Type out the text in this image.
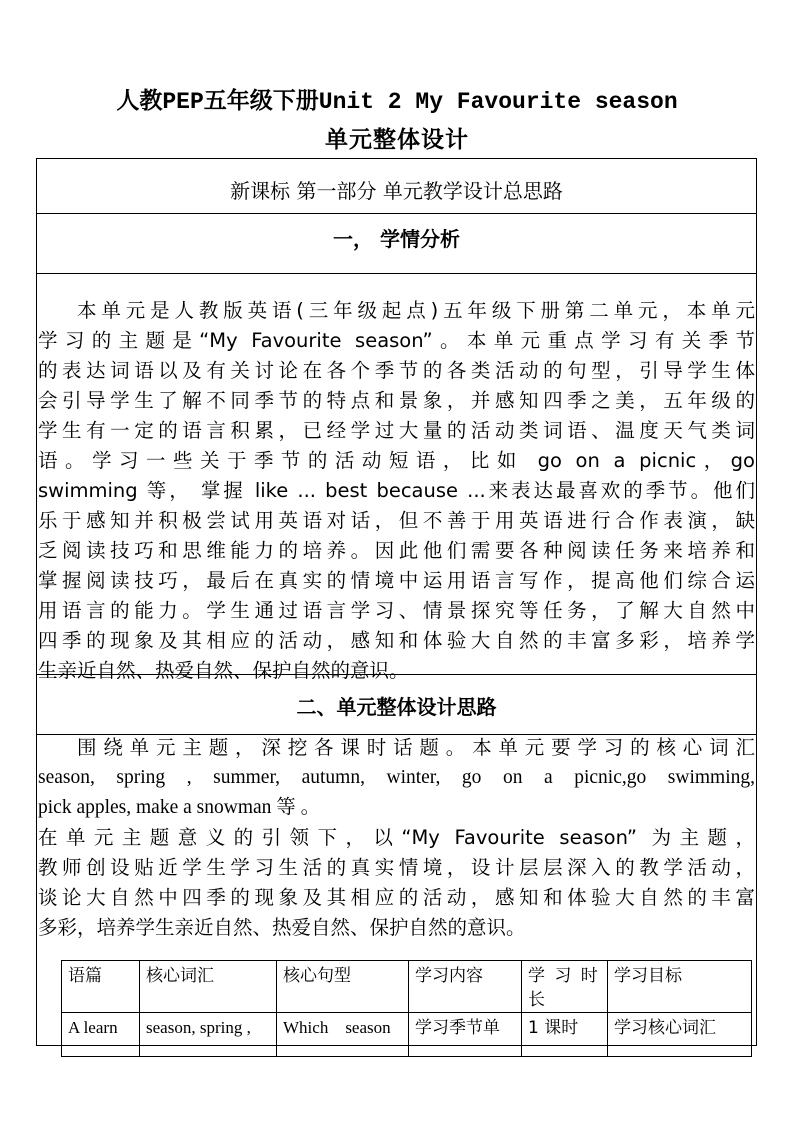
人教PEP五年级下册Unit 2 My Favourite season
单元整体设计
新课标 第一部分 单元教学设计总思路
一， 学情分析
本单元是人教版英语(三年级起点)五年级下册第二单元，本单元
学习的主题是“My Favourite season”。本单元重点学习有关季节
的表达词语以及有关讨论在各个季节的各类活动的句型，引导学生体
会引导学生了解不同季节的特点和景象，并感知四季之美，五年级的
学生有一定的语言积累，已经学过大量的活动类词语、温度天气类词
语。学习一些关于季节的活动短语，比如 go on a picnic，go
swimming 等， 掌握 like ... best because ...来表达最喜欢的季节。他们
乐于感知并积极尝试用英语对话，但不善于用英语进行合作表演，缺
乏阅读技巧和思维能力的培养。因此他们需要各种阅读任务来培养和
掌握阅读技巧，最后在真实的情境中运用语言写作，提高他们综合运
用语言的能力。学生通过语言学习、情景探究等任务，了解大自然中
四季的现象及其相应的活动，感知和体验大自然的丰富多彩，培养学
生亲近自然、热爱自然、保护自然的意识。
二、单元整体设计思路
围绕单元主题，深挖各课时话题。本单元要学习的核心词汇
season, spring , summer, autumn, winter, go on a picnic,go swimming,
pick apples, make a snowman 等 。
在单元主题意义的引领下，以“My Favourite season” 为主题，
教师创设贴近学生学习生活的真实情境，设计层层深入的教学活动，
谈论大自然中四季的现象及其相应的活动，感知和体验大自然的丰富
多彩，培养学生亲近自然、热爱自然、保护自然的意识。
语篇	核心词汇	核心句型	学习内容	学 习 时 长	学习目标
A learn	season, spring ,	Which    season	学习季节单	1 课时	学习核心词汇
